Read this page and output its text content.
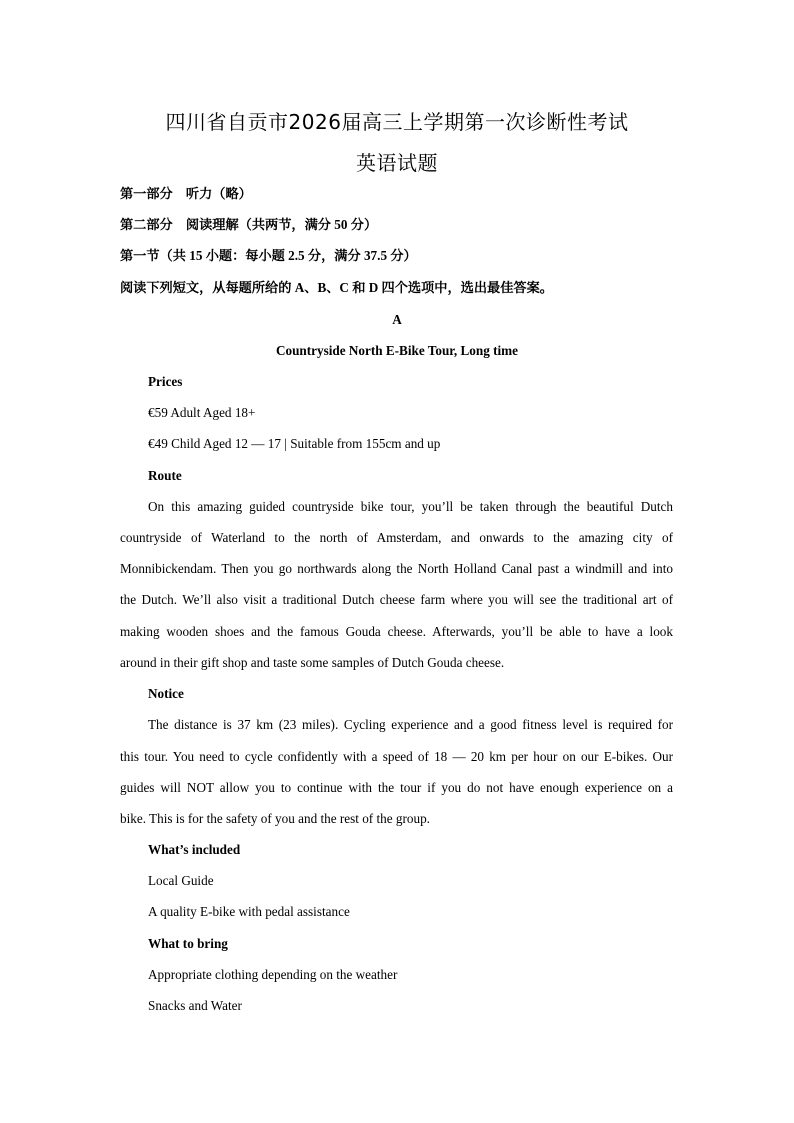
四川省自贡市2026届高三上学期第一次诊断性考试
英语试题
第一部分　听力（略）
第二部分　阅读理解（共两节，满分 50 分）
第一节（共 15 小题：每小题 2.5 分，满分 37.5 分）
阅读下列短文，从每题所给的 A、B、C 和 D 四个选项中，选出最佳答案。
A
Countryside North E-Bike Tour, Long time
Prices
€59 Adult Aged 18+
€49 Child Aged 12 — 17 | Suitable from 155cm and up
Route
On this amazing guided countryside bike tour, you’ll be taken through the beautiful Dutch
countryside of Waterland to the north of Amsterdam, and onwards to the amazing city of
Monnibickendam. Then you go northwards along the North Holland Canal past a windmill and into
the Dutch. We’ll also visit a traditional Dutch cheese farm where you will see the traditional art of
making wooden shoes and the famous Gouda cheese. Afterwards, you’ll be able to have a look
around in their gift shop and taste some samples of Dutch Gouda cheese.
Notice
The distance is 37 km (23 miles). Cycling experience and a good fitness level is required for
this tour. You need to cycle confidently with a speed of 18 — 20 km per hour on our E-bikes. Our
guides will NOT allow you to continue with the tour if you do not have enough experience on a
bike. This is for the safety of you and the rest of the group.
What’s included
Local Guide
A quality E-bike with pedal assistance
What to bring
Appropriate clothing depending on the weather
Snacks and Water
